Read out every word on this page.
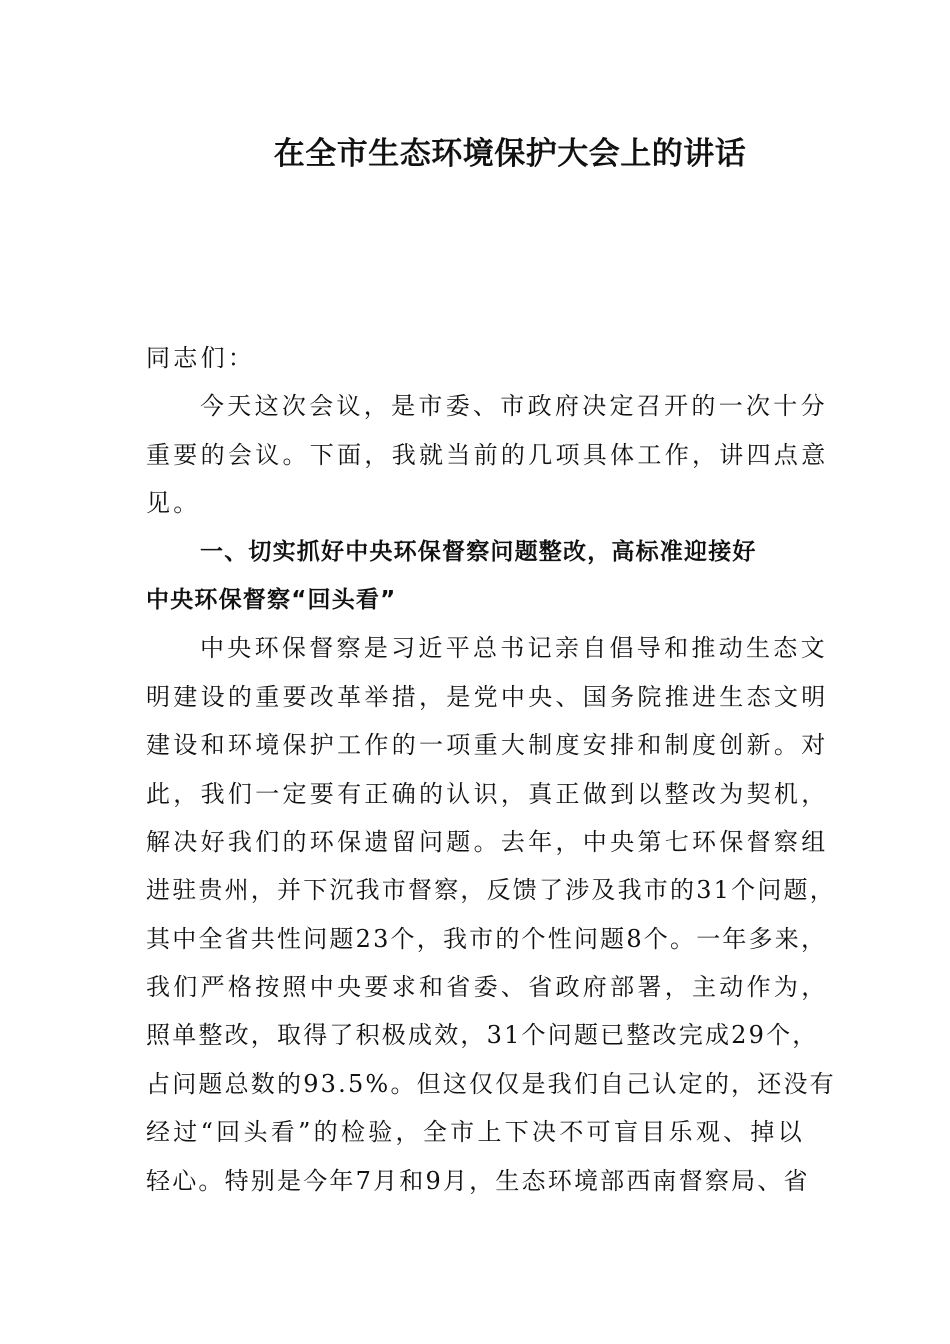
在全市生态环境保护大会上的讲话
同志们：
今天这次会议，是市委、市政府决定召开的一次十分
重要的会议。下面，我就当前的几项具体工作，讲四点意
见。
一、切实抓好中央环保督察问题整改，高标准迎接好
中央环保督察“回头看”
中央环保督察是习近平总书记亲自倡导和推动生态文
明建设的重要改革举措，是党中央、国务院推进生态文明
建设和环境保护工作的一项重大制度安排和制度创新。对
此，我们一定要有正确的认识，真正做到以整改为契机，
解决好我们的环保遗留问题。去年，中央第七环保督察组
进驻贵州，并下沉我市督察，反馈了涉及我市的31个问题，
其中全省共性问题23个，我市的个性问题8个。一年多来，
我们严格按照中央要求和省委、省政府部署，主动作为，
照单整改，取得了积极成效，31个问题已整改完成29个，
占问题总数的93.5%。但这仅仅是我们自己认定的，还没有
经过“回头看”的检验，全市上下决不可盲目乐观、掉以
轻心。特别是今年7月和9月，生态环境部西南督察局、省
